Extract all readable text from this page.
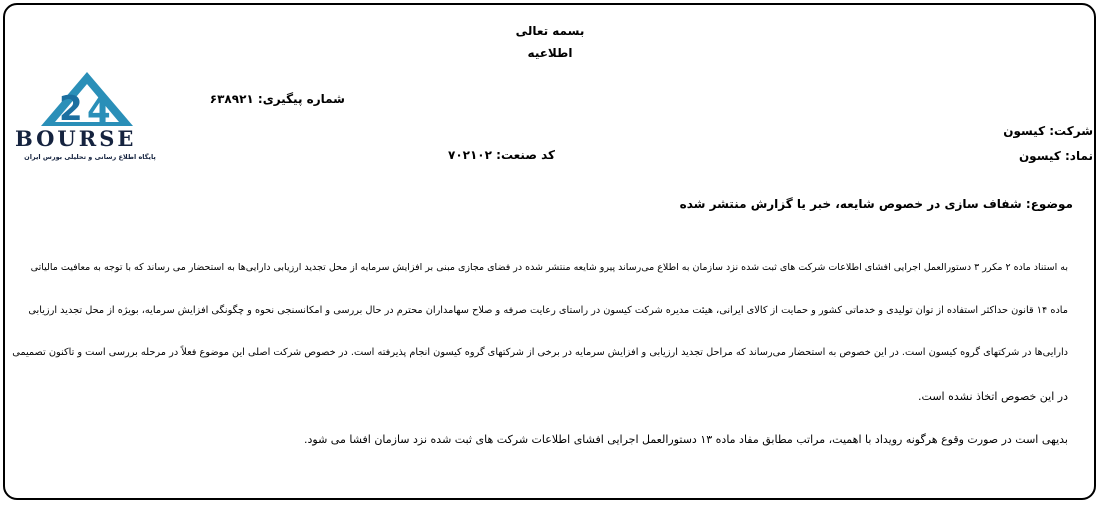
بسمه تعالی
اطلاعیه
2 4
BOURSE
پایگاه اطلاع رسانی و تحلیلی بورس ایران
شماره پیگیری: ۶۳۸۹۲۱
شرکت: کیسون
نماد: کیسون
کد صنعت: ۷۰۲۱۰۲
موضوع: شفاف سازی در خصوص شایعه، خبر یا گزارش منتشر شده
به استناد ماده ۲ مکرر ۳ دستورالعمل اجرایی افشای اطلاعات شرکت های ثبت شده نزد سازمان به اطلاع می‌رساند پیرو شایعه منتشر شده در فضای مجازی مبنی بر افزایش سرمایه از محل تجدید ارزیابی دارایی‌ها به استحضار می رساند که با توجه به معافیت مالیاتی
ماده ۱۴ قانون حداکثر استفاده از توان تولیدی و خدماتی کشور و حمایت از کالای ایرانی، هیئت مدیره شرکت کیسون در راستای رعایت صرفه و صلاح سهامداران محترم در حال بررسی و امکانسنجی نحوه و چگونگی افزایش سرمایه، بویژه از محل تجدید ارزیابی
دارایی‌ها در شرکتهای گروه کیسون است. در این خصوص به استحضار می‌رساند که مراحل تجدید ارزیابی و افزایش سرمایه در برخی از شرکتهای گروه کیسون انجام پذیرفته است. در خصوص شرکت اصلی این موضوع فعلاً در مرحله بررسی است و تاکنون تصمیمی
در این خصوص اتخاذ نشده است.
بدیهی است در صورت وقوع هرگونه رویداد با اهمیت، مراتب مطابق مفاد ماده ۱۳ دستورالعمل اجرایی افشای اطلاعات شرکت های ثبت شده نزد سازمان افشا می شود.
